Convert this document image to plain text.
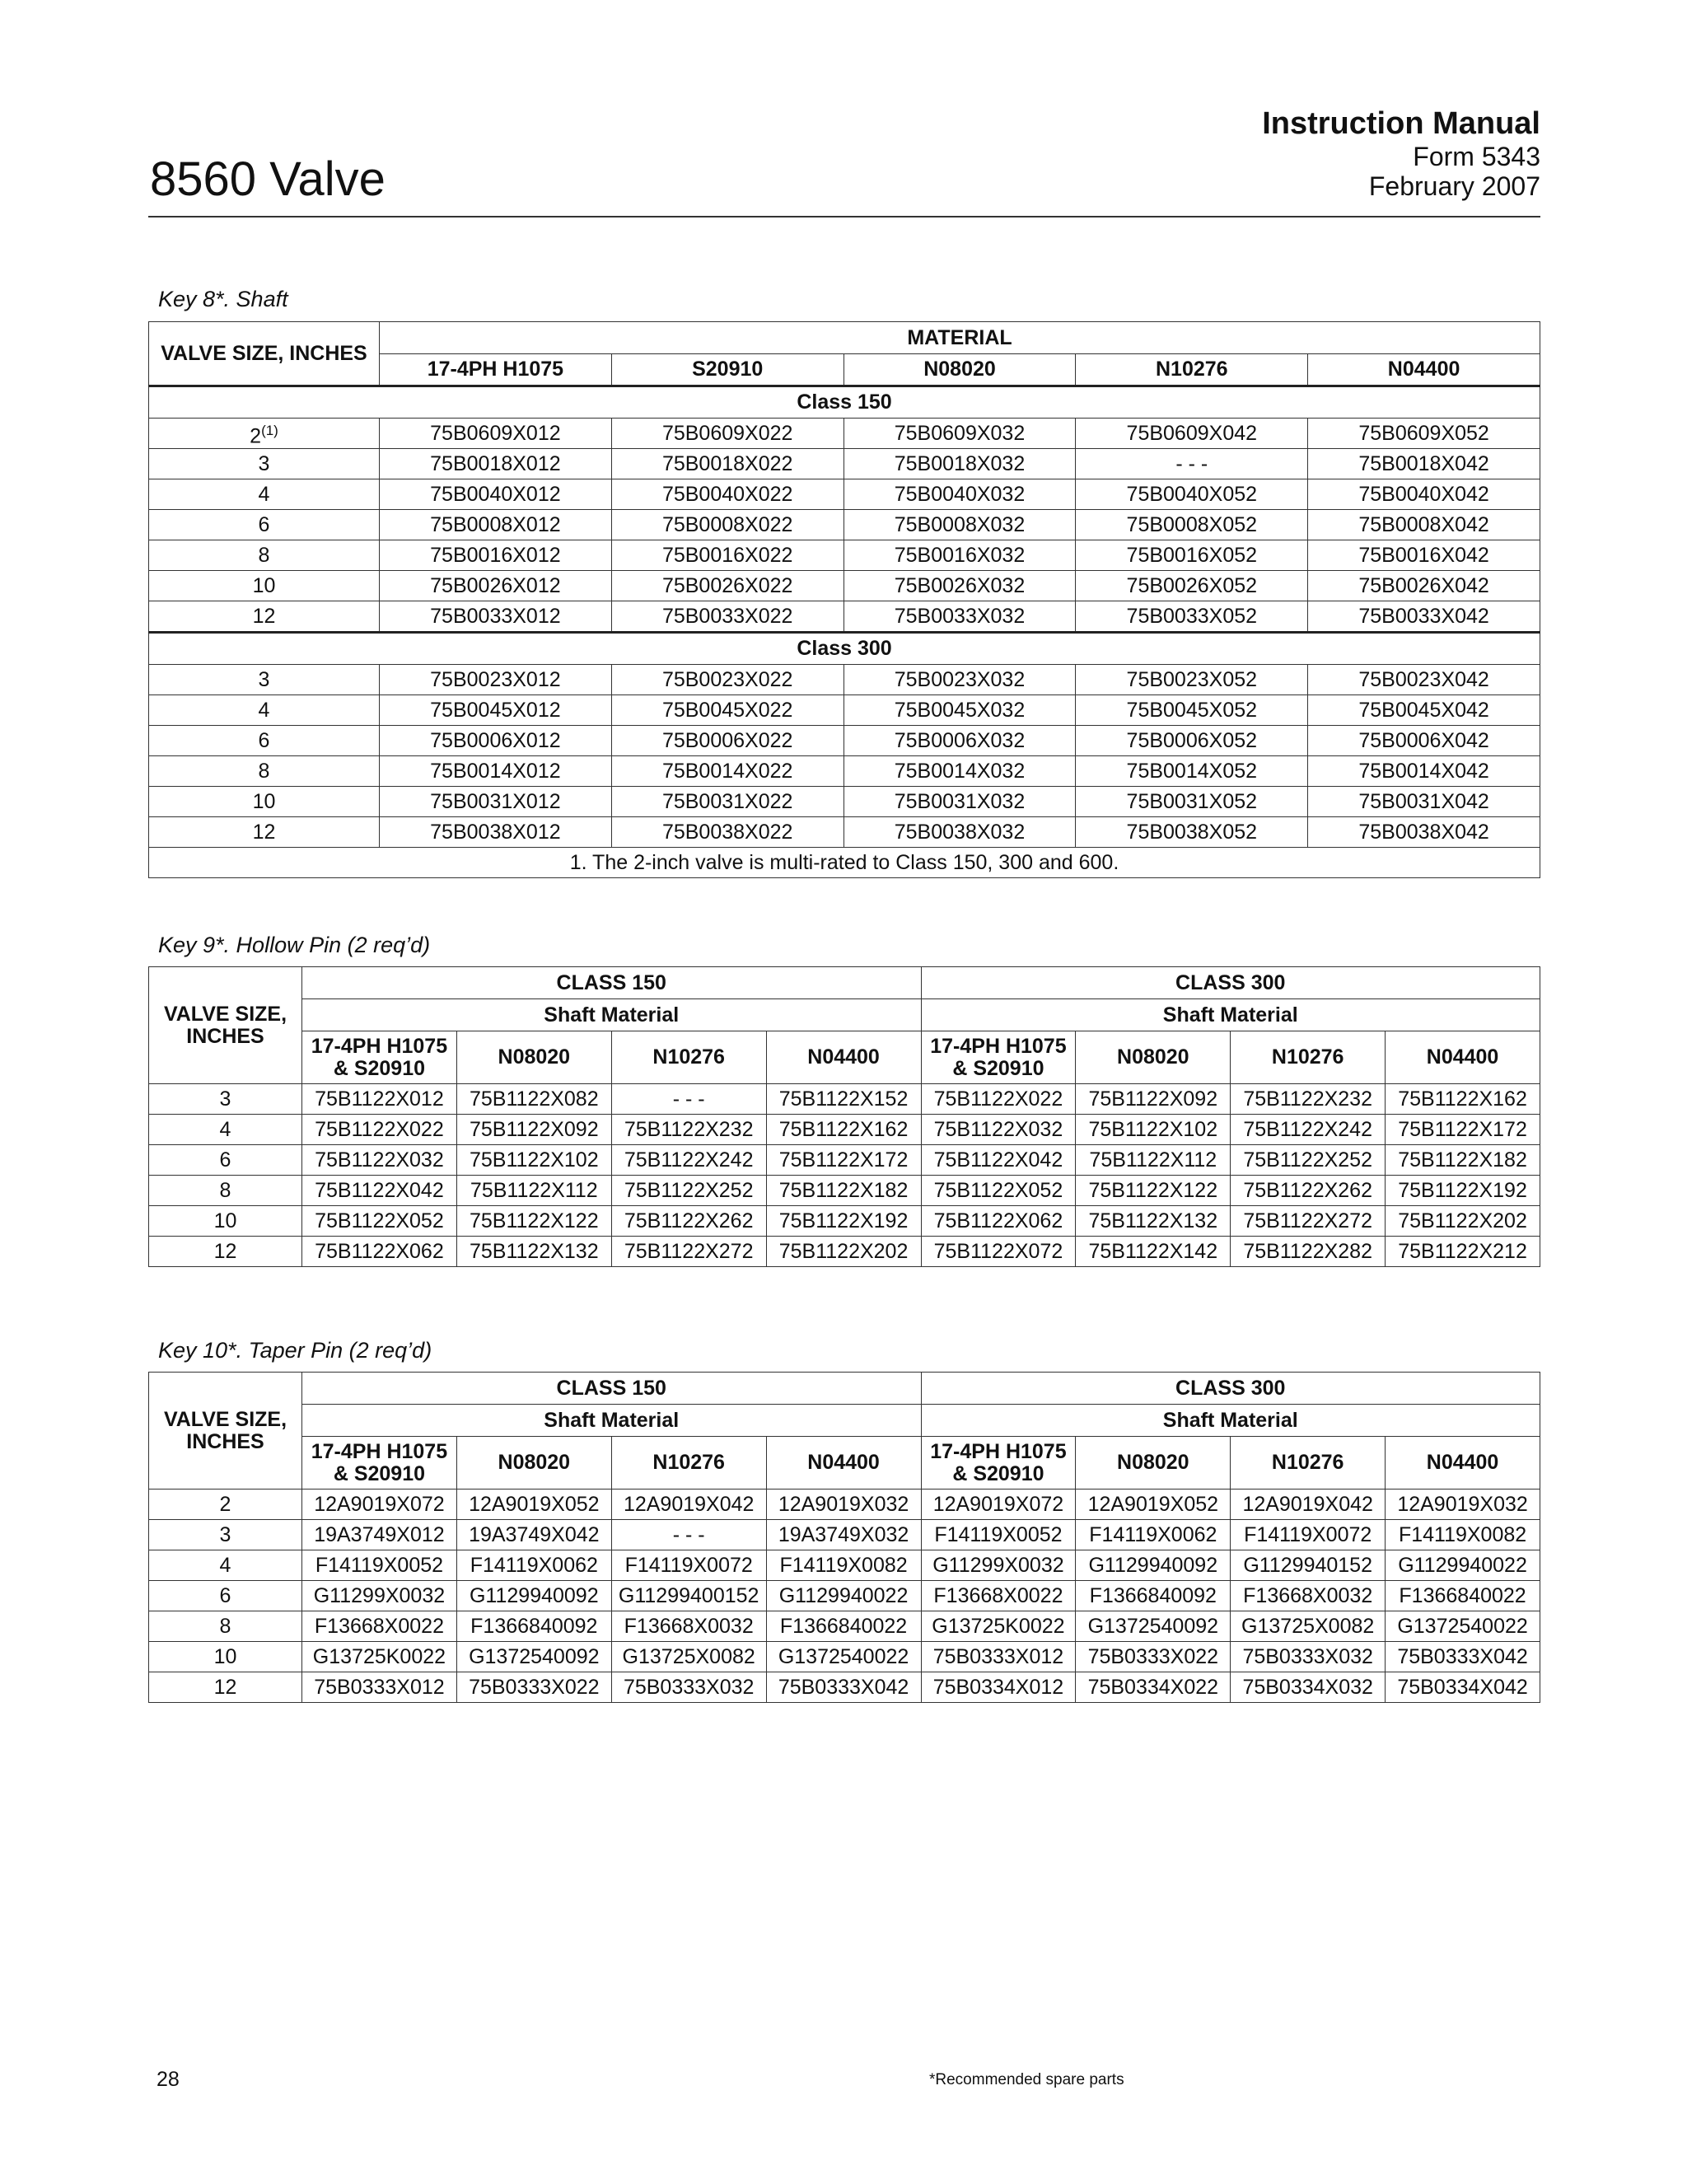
Instruction Manual
Form 5343
February 2007
8560 Valve
Key 8*. Shaft
VALVE SIZE, INCHES	MATERIAL				
	17-4PH H1075	S20910	N08020	N10276	N04400
Class 150					
2$^{(1)}$	75B0609X012	75B0609X022	75B0609X032	75B0609X042	75B0609X052
3	75B0018X012	75B0018X022	75B0018X032	- - -	75B0018X042
4	75B0040X012	75B0040X022	75B0040X032	75B0040X052	75B0040X042
6	75B0008X012	75B0008X022	75B0008X032	75B0008X052	75B0008X042
8	75B0016X012	75B0016X022	75B0016X032	75B0016X052	75B0016X042
10	75B0026X012	75B0026X022	75B0026X032	75B0026X052	75B0026X042
12	75B0033X012	75B0033X022	75B0033X032	75B0033X052	75B0033X042
Class 300					
3	75B0023X012	75B0023X022	75B0023X032	75B0023X052	75B0023X042
4	75B0045X012	75B0045X022	75B0045X032	75B0045X052	75B0045X042
6	75B0006X012	75B0006X022	75B0006X032	75B0006X052	75B0006X042
8	75B0014X012	75B0014X022	75B0014X032	75B0014X052	75B0014X042
10	75B0031X012	75B0031X022	75B0031X032	75B0031X052	75B0031X042
12	75B0038X012	75B0038X022	75B0038X032	75B0038X052	75B0038X042
1. The 2-inch valve is multi-rated to Class 150, 300 and 600.					
Key 9*. Hollow Pin (2 req’d)
VALVE SIZE,
INCHES	CLASS 150				CLASS 300			
	Shaft Material				Shaft Material			
	17-4PH H1075
& S20910	N08020	N10276	N04400	17-4PH H1075
& S20910	N08020	N10276	N04400
3	75B1122X012	75B1122X082	- - -	75B1122X152	75B1122X022	75B1122X092	75B1122X232	75B1122X162
4	75B1122X022	75B1122X092	75B1122X232	75B1122X162	75B1122X032	75B1122X102	75B1122X242	75B1122X172
6	75B1122X032	75B1122X102	75B1122X242	75B1122X172	75B1122X042	75B1122X112	75B1122X252	75B1122X182
8	75B1122X042	75B1122X112	75B1122X252	75B1122X182	75B1122X052	75B1122X122	75B1122X262	75B1122X192
10	75B1122X052	75B1122X122	75B1122X262	75B1122X192	75B1122X062	75B1122X132	75B1122X272	75B1122X202
12	75B1122X062	75B1122X132	75B1122X272	75B1122X202	75B1122X072	75B1122X142	75B1122X282	75B1122X212
Key 10*. Taper Pin (2 req’d)
VALVE SIZE,
INCHES	CLASS 150				CLASS 300			
	Shaft Material				Shaft Material			
	17-4PH H1075
& S20910	N08020	N10276	N04400	17-4PH H1075
& S20910	N08020	N10276	N04400
2	12A9019X072	12A9019X052	12A9019X042	12A9019X032	12A9019X072	12A9019X052	12A9019X042	12A9019X032
3	19A3749X012	19A3749X042	- - -	19A3749X032	F14119X0052	F14119X0062	F14119X0072	F14119X0082
4	F14119X0052	F14119X0062	F14119X0072	F14119X0082	G11299X0032	G1129940092	G1129940152	G1129940022
6	G11299X0032	G1129940092	G11299400152	G1129940022	F13668X0022	F1366840092	F13668X0032	F1366840022
8	F13668X0022	F1366840092	F13668X0032	F1366840022	G13725K0022	G1372540092	G13725X0082	G1372540022
10	G13725K0022	G1372540092	G13725X0082	G1372540022	75B0333X012	75B0333X022	75B0333X032	75B0333X042
12	75B0333X012	75B0333X022	75B0333X032	75B0333X042	75B0334X012	75B0334X022	75B0334X032	75B0334X042
28	*Recommended spare parts
